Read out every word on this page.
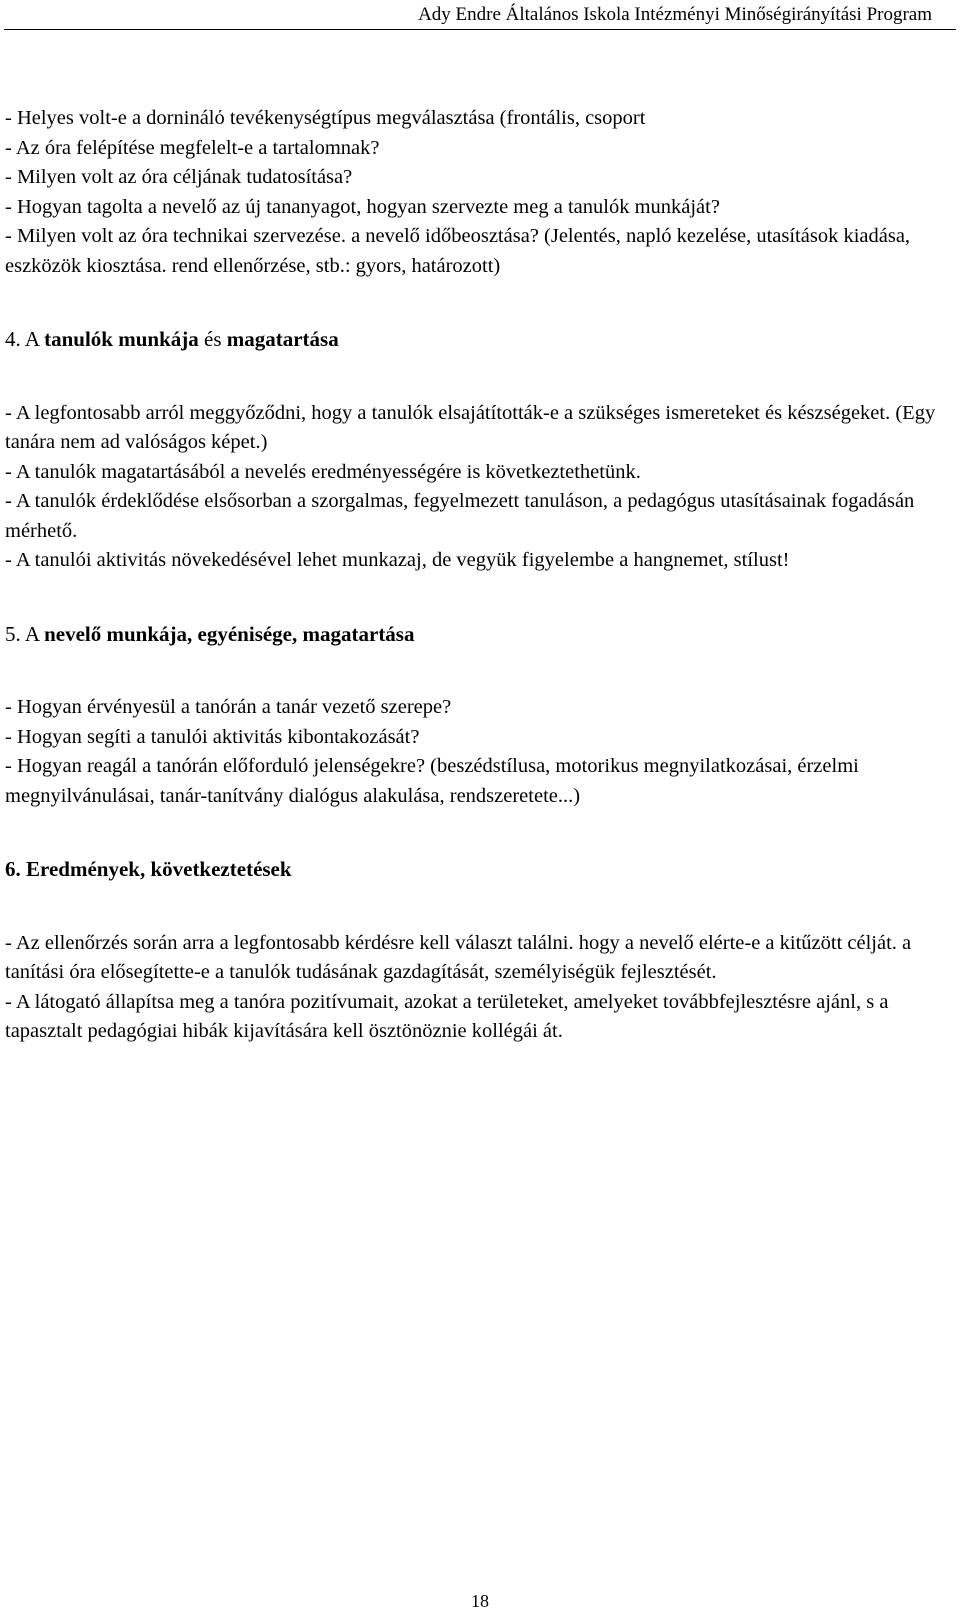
Ady Endre Általános Iskola Intézményi Minőségirányítási Program

- Helyes volt-e a dorninálό tevékenységtípus megválasztása (frontális, csoport

- Az óra felépítése megfelelt-e a tartalomnak?

- Milyen volt az óra céljának tudatosítása?

- Hogyan tagolta a nevelő az új tananyagot, hogyan szervezte meg a tanulók munkáját?

- Milyen volt az óra technikai szervezése. a nevelő időbeosztása? (Jelentés, napló kezelése, utasítások kiadása, eszközök kiosztása. rend ellenőrzése, stb.: gyors, határozott)

4. A tanulók munkája és magatartása

- A legfontosabb arról meggyőződni, hogy a tanulók elsajátították-e a szükséges ismereteket és készségeket. (Egy tanára nem ad valóságos képet.)

- A tanulók magatartásából a nevelés eredményességére is következtethetünk.

- A tanulók érdeklődése elsősorban a szorgalmas, fegyelmezett tanuláson, a pedagógus utasításainak fogadásán mérhető.

- A tanulói aktivitás növekedésével lehet munkazaj, de vegyük figyelembe a hangnemet, stílust!

5. A nevelő munkája, egyénisége, magatartása

- Hogyan érvényesül a tanórán a tanár vezető szerepe?

- Hogyan segíti a tanulói aktivitás kibontakozását?

- Hogyan reagál a tanórán előforduló jelenségekre? (beszédstílusa, motorikus megnyilatkozásai, érzelmi megnyilvánulásai, tanár-tanítvány dialógus alakulása, rendszeretete...)

6. Eredmények, következtetések

- Az ellenőrzés során arra a legfontosabb kérdésre kell választ találni. hogy a nevelő elérte-e a kitűzött célját. a tanítási óra elősegítette-e a tanulók tudásának gazdagítását, személyiségük fejlesztését.

- A látogató állapítsa meg a tanóra pozitívumait, azokat a területeket, amelyeket továbbfejlesztésre ajánl, s a tapasztalt pedagógiai hibák kijavítására kell ösztönöznie kollégái át.

18
